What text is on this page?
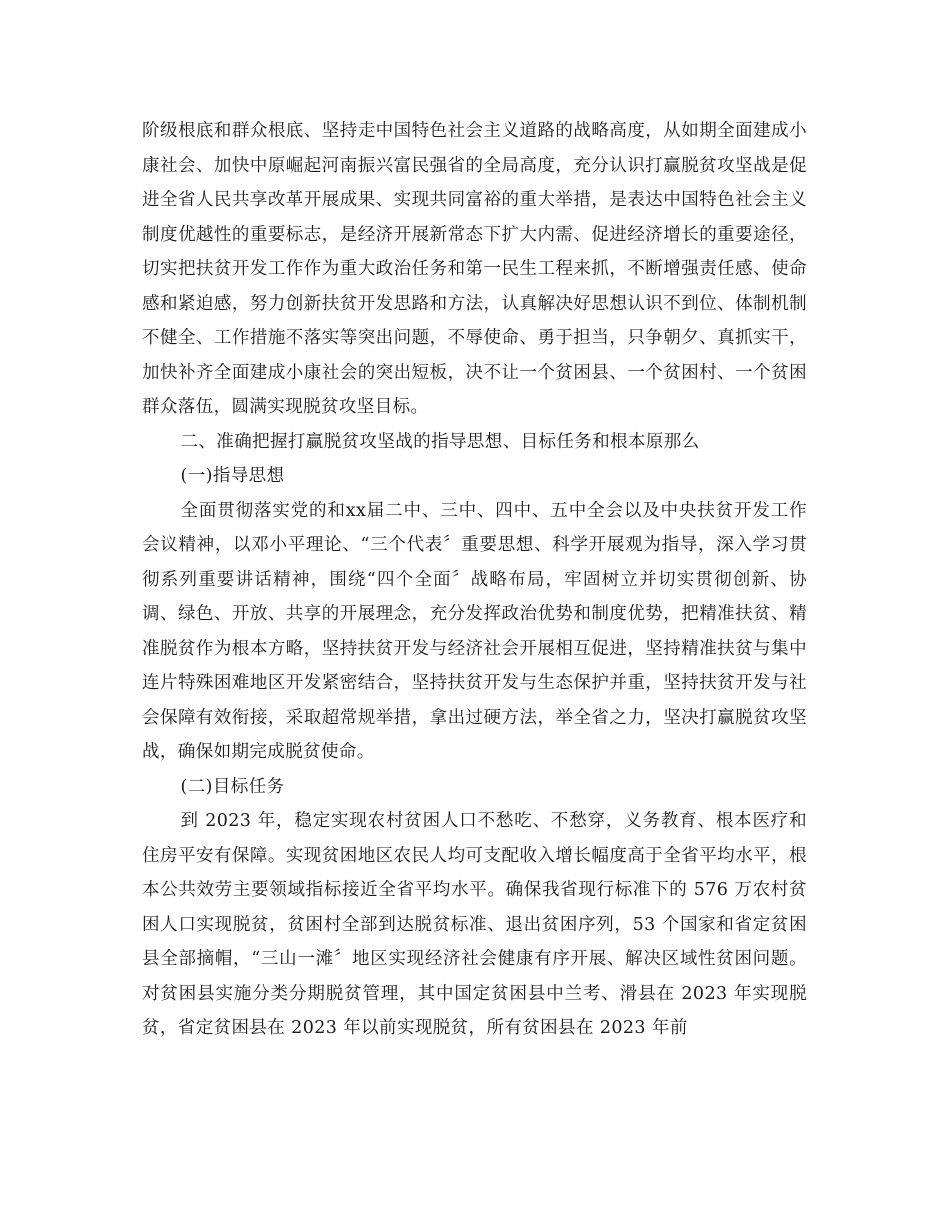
阶级根底和群众根底、坚持走中国特色社会主义道路的战略高度，从如期全面建成小康社会、加快中原崛起河南振兴富民强省的全局高度，充分认识打赢脱贫攻坚战是促进全省人民共享改革开展成果、实现共同富裕的重大举措，是表达中国特色社会主义制度优越性的重要标志，是经济开展新常态下扩大内需、促进经济增长的重要途径，切实把扶贫开发工作作为重大政治任务和第一民生工程来抓，不断增强责任感、使命感和紧迫感，努力创新扶贫开发思路和方法，认真解决好思想认识不到位、体制机制不健全、工作措施不落实等突出问题，不辱使命、勇于担当，只争朝夕、真抓实干，加快补齐全面建成小康社会的突出短板，决不让一个贫困县、一个贫困村、一个贫困群众落伍，圆满实现脱贫攻坚目标。

二、准确把握打赢脱贫攻坚战的指导思想、目标任务和根本原那么

(一)指导思想

全面贯彻落实党的和xx届二中、三中、四中、五中全会以及中央扶贫开发工作会议精神，以邓小平理论、“三个代表〞重要思想、科学开展观为指导，深入学习贯彻系列重要讲话精神，围绕“四个全面〞战略布局，牢固树立并切实贯彻创新、协调、绿色、开放、共享的开展理念，充分发挥政治优势和制度优势，把精准扶贫、精准脱贫作为根本方略，坚持扶贫开发与经济社会开展相互促进，坚持精准扶贫与集中连片特殊困难地区开发紧密结合，坚持扶贫开发与生态保护并重，坚持扶贫开发与社会保障有效衔接，采取超常规举措，拿出过硬方法，举全省之力，坚决打赢脱贫攻坚战，确保如期完成脱贫使命。

(二)目标任务

到 2023 年，稳定实现农村贫困人口不愁吃、不愁穿，义务教育、根本医疗和住房平安有保障。实现贫困地区农民人均可支配收入增长幅度高于全省平均水平，根本公共效劳主要领域指标接近全省平均水平。确保我省现行标准下的 576 万农村贫困人口实现脱贫，贫困村全部到达脱贫标准、退出贫困序列，53 个国家和省定贫困县全部摘帽，“三山一滩〞地区实现经济社会健康有序开展、解决区域性贫困问题。对贫困县实施分类分期脱贫管理，其中国定贫困县中兰考、滑县在 2023 年实现脱贫，省定贫困县在 2023 年以前实现脱贫，所有贫困县在 2023 年前
